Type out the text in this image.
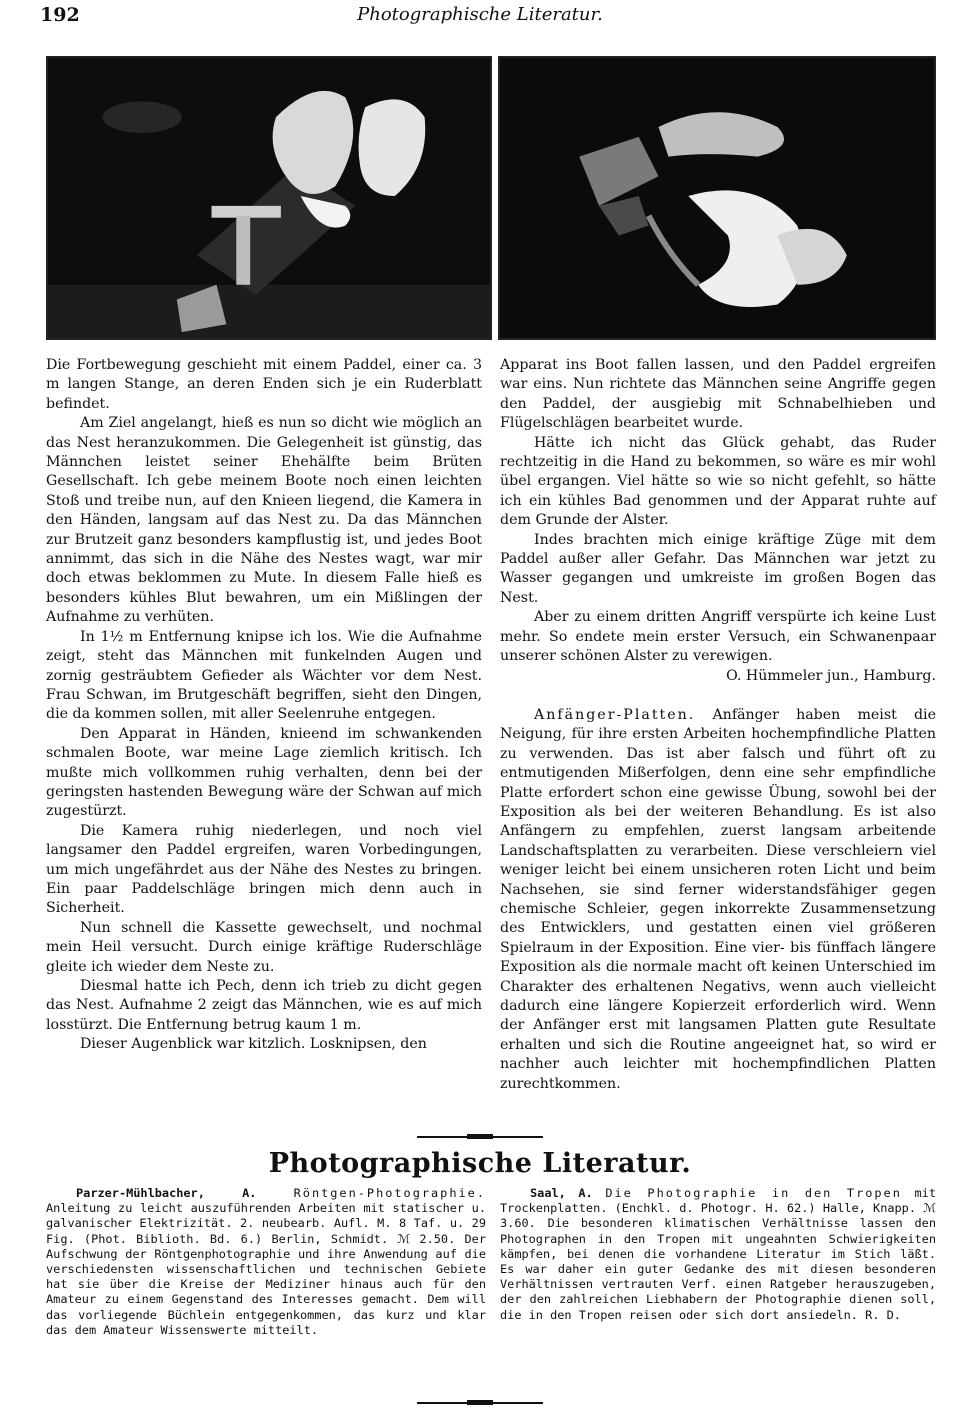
192	Photographische Literatur.

Die Fortbewegung geschieht mit einem Paddel, einer ca. 3 m langen Stange, an deren Enden sich je ein Ruderblatt befindet.

Am Ziel angelangt, hieß es nun so dicht wie möglich an das Nest heranzukommen. Die Gelegenheit ist günstig, das Männchen leistet seiner Ehehälfte beim Brüten Gesellschaft. Ich gebe meinem Boote noch einen leichten Stoß und treibe nun, auf den Knieen liegend, die Kamera in den Händen, langsam auf das Nest zu. Da das Männchen zur Brutzeit ganz besonders kampflustig ist, und jedes Boot annimmt, das sich in die Nähe des Nestes wagt, war mir doch etwas beklommen zu Mute. In diesem Falle hieß es besonders kühles Blut bewahren, um ein Mißlingen der Aufnahme zu verhüten.

In 1½ m Entfernung knipse ich los. Wie die Aufnahme zeigt, steht das Männchen mit funkelnden Augen und zornig gesträubtem Gefieder als Wächter vor dem Nest. Frau Schwan, im Brutgeschäft begriffen, sieht den Dingen, die da kommen sollen, mit aller Seelenruhe entgegen.

Den Apparat in Händen, knieend im schwankenden schmalen Boote, war meine Lage ziemlich kritisch. Ich mußte mich vollkommen ruhig verhalten, denn bei der geringsten hastenden Bewegung wäre der Schwan auf mich zugestürzt.

Die Kamera ruhig niederlegen, und noch viel langsamer den Paddel ergreifen, waren Vorbedingungen, um mich ungefährdet aus der Nähe des Nestes zu bringen. Ein paar Paddelschläge bringen mich denn auch in Sicherheit.

Nun schnell die Kassette gewechselt, und nochmal mein Heil versucht. Durch einige kräftige Ruderschläge gleite ich wieder dem Neste zu.

Diesmal hatte ich Pech, denn ich trieb zu dicht gegen das Nest. Aufnahme 2 zeigt das Männchen, wie es auf mich losstürzt. Die Entfernung betrug kaum 1 m.

Dieser Augenblick war kitzlich. Losknipsen, den

Apparat ins Boot fallen lassen, und den Paddel ergreifen war eins. Nun richtete das Männchen seine Angriffe gegen den Paddel, der ausgiebig mit Schnabelhieben und Flügelschlägen bearbeitet wurde.

Hätte ich nicht das Glück gehabt, das Ruder rechtzeitig in die Hand zu bekommen, so wäre es mir wohl übel ergangen. Viel hätte so wie so nicht gefehlt, so hätte ich ein kühles Bad genommen und der Apparat ruhte auf dem Grunde der Alster.

Indes brachten mich einige kräftige Züge mit dem Paddel außer aller Gefahr. Das Männchen war jetzt zu Wasser gegangen und umkreiste im großen Bogen das Nest.

Aber zu einem dritten Angriff verspürte ich keine Lust mehr. So endete mein erster Versuch, ein Schwanenpaar unserer schönen Alster zu verewigen.

O. Hümmeler jun., Hamburg.

Anfänger-Platten. Anfänger haben meist die Neigung, für ihre ersten Arbeiten hochempfindliche Platten zu verwenden. Das ist aber falsch und führt oft zu entmutigenden Mißerfolgen, denn eine sehr empfindliche Platte erfordert schon eine gewisse Übung, sowohl bei der Exposition als bei der weiteren Behandlung. Es ist also Anfängern zu empfehlen, zuerst langsam arbeitende Landschaftsplatten zu verarbeiten. Diese verschleiern viel weniger leicht bei einem unsicheren roten Licht und beim Nachsehen, sie sind ferner widerstandsfähiger gegen chemische Schleier, gegen inkorrekte Zusammensetzung des Entwicklers, und gestatten einen viel größeren Spielraum in der Exposition. Eine vier- bis fünffach längere Exposition als die normale macht oft keinen Unterschied im Charakter des erhaltenen Negativs, wenn auch vielleicht dadurch eine längere Kopierzeit erforderlich wird. Wenn der Anfänger erst mit langsamen Platten gute Resultate erhalten und sich die Routine angeeignet hat, so wird er nachher auch leichter mit hochempfindlichen Platten zurechtkommen.

Photographische Literatur.

Parzer-Mühlbacher, A.	Röntgen-Photographie. Anleitung zu leicht auszuführenden Arbeiten mit statischer u. galvanischer Elektrizität. 2. neubearb. Aufl. M. 8 Taf. u. 29 Fig. (Phot. Biblioth. Bd. 6.) Berlin, Schmidt. ℳ 2.50. Der Aufschwung der Röntgenphotographie und ihre Anwendung auf die verschiedensten wissenschaftlichen und technischen Gebiete hat sie über die Kreise der Mediziner hinaus auch für den Amateur zu einem Gegenstand des Interesses gemacht. Dem will das vorliegende Büchlein entgegenkommen, das kurz und klar das dem Amateur Wissenswerte mitteilt.

Saal, A. Die Photographie in den Tropen mit Trockenplatten. (Enchkl. d. Photogr. H. 62.) Halle, Knapp. ℳ 3.60. Die besonderen klimatischen Verhältnisse lassen den Photographen in den Tropen mit ungeahnten Schwierigkeiten kämpfen, bei denen die vorhandene Literatur im Stich läßt. Es war daher ein guter Gedanke des mit diesen besonderen Verhältnissen vertrauten Verf. einen Ratgeber herauszugeben, der den zahlreichen Liebhabern der Photographie dienen soll, die in den Tropen reisen oder sich dort ansiedeln. R. D.
